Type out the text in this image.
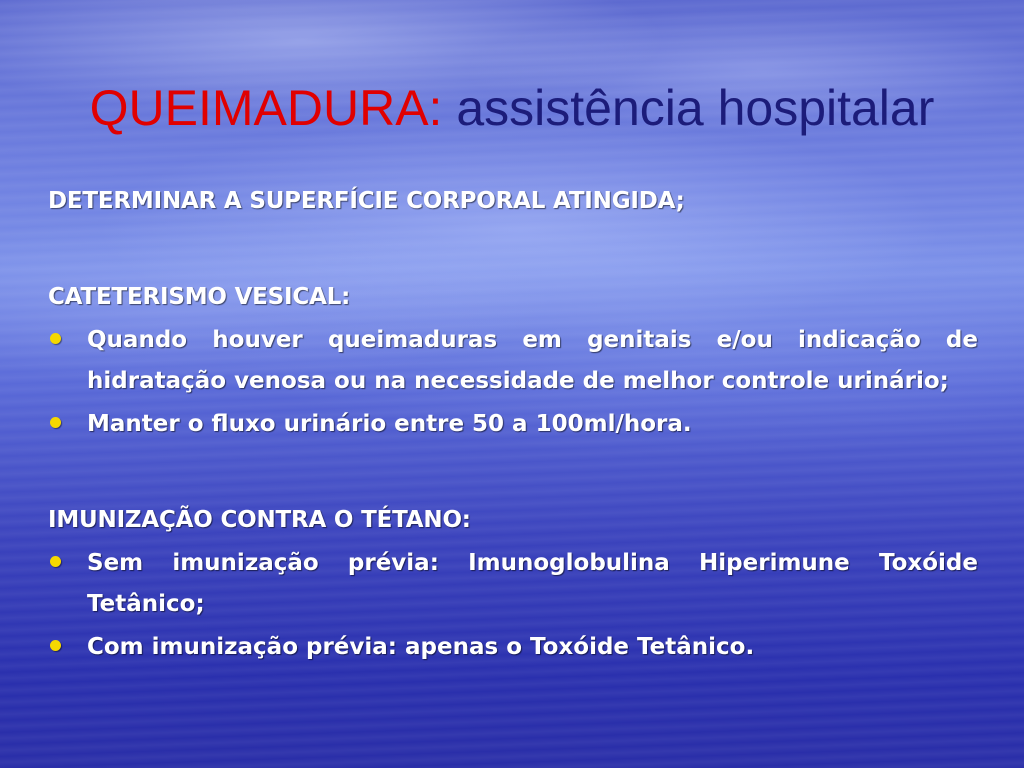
QUEIMADURA: assistência hospitalar
DETERMINAR A SUPERFÍCIE CORPORAL ATINGIDA;
CATETERISMO VESICAL:
Quando houver queimaduras em genitais e/ou indicação de hidratação venosa ou na necessidade de melhor controle urinário;
Manter o fluxo urinário entre 50 a 100ml/hora.
IMUNIZAÇÃO CONTRA O TÉTANO:
Sem imunização prévia: Imunoglobulina Hiperimune Toxóide Tetânico;
Com imunização prévia: apenas o Toxóide Tetânico.
